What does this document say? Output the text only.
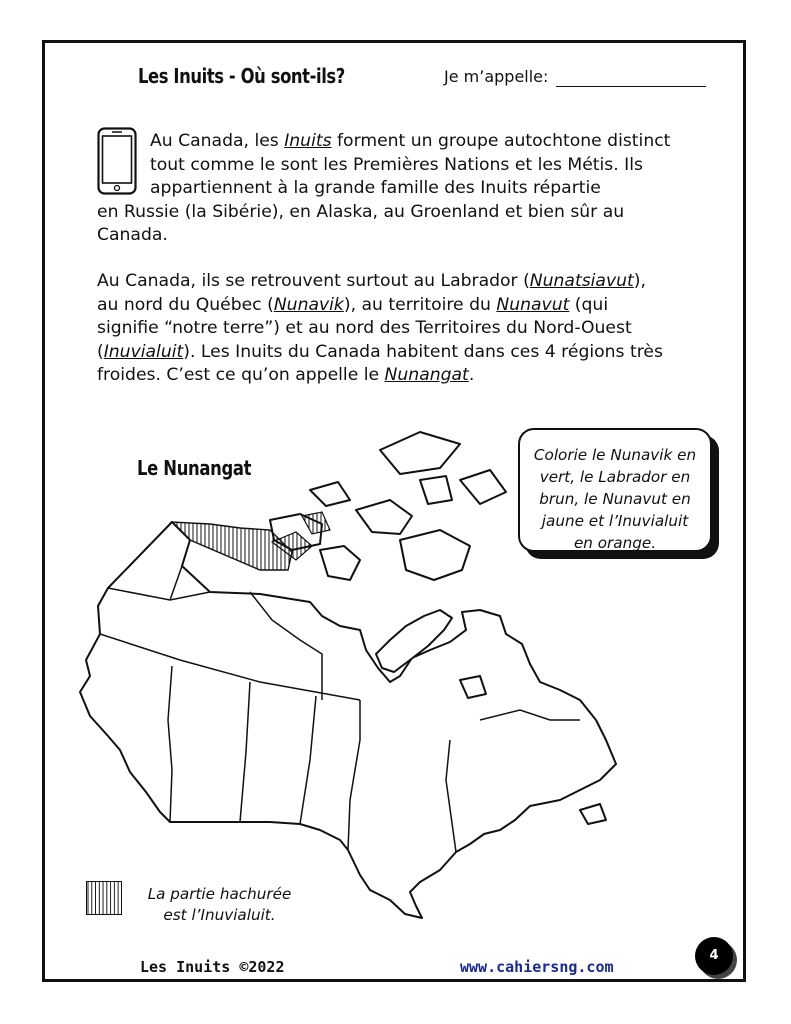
Les Inuits - Où sont-ils?	Je m’appelle:
Au Canada, les Inuits forment un groupe autochtone distinct
tout comme le sont les Premières Nations et les Métis. Ils
appartiennent à la grande famille des Inuits répartie
en Russie (la Sibérie), en Alaska, au Groenland et bien sûr au
Canada.
Au Canada, ils se retrouvent surtout au Labrador (Nunatsiavut),
au nord du Québec (Nunavik), au territoire du Nunavut (qui
signifie “notre terre”) et au nord des Territoires du Nord-Ouest
(Inuvialuit). Les Inuits du Canada habitent dans ces 4 régions très
froides. C’est ce qu’on appelle le Nunangat.
Le Nunangat
Colorie le Nunavik en
vert, le Labrador en
brun, le Nunavut en
jaune et l’Inuvialuit
en orange.
La partie hachurée
est l’Inuvialuit.
Les Inuits ©2022	www.cahiersng.com
4
